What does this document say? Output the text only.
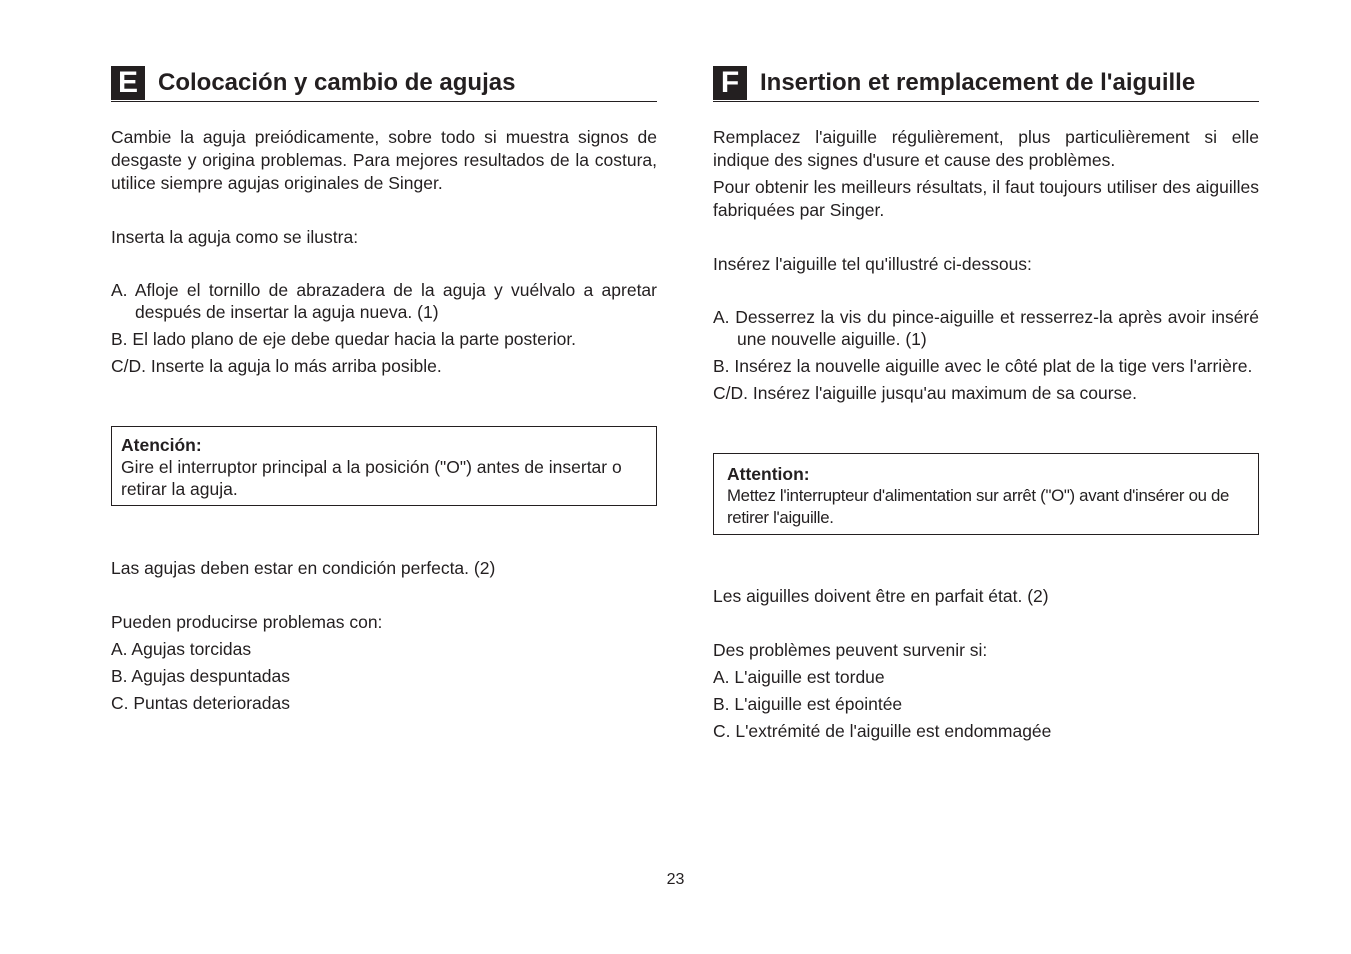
E Colocación y cambio de agujas

Cambie la aguja preiódicamente, sobre todo si muestra signos de desgaste y origina problemas. Para mejores resultados de la costura, utilice siempre agujas originales de Singer.

Inserta la aguja como se ilustra:

A. Afloje el tornillo de abrazadera de la aguja y vuélvalo a apretar después de insertar la aguja nueva. (1)

B. El lado plano de eje debe quedar hacia la parte posterior.

C/D. Inserte la aguja lo más arriba posible.

Atención:
Gire el interruptor principal a la posición ("O") antes de insertar o retirar la aguja.

Las agujas deben estar en condición perfecta. (2)

Pueden producirse problemas con:

A. Agujas torcidas

B. Agujas despuntadas

C. Puntas deterioradas

F Insertion et remplacement de l'aiguille

Remplacez l'aiguille régulièrement, plus particulièrement si elle indique des signes d'usure et cause des problèmes.

Pour obtenir les meilleurs résultats, il faut toujours utiliser des aiguilles fabriquées par Singer.

Insérez l'aiguille tel qu'illustré ci-dessous:

A. Desserrez la vis du pince-aiguille et resserrez-la après avoir inséré une nouvelle aiguille. (1)

B. Insérez la nouvelle aiguille avec le côté plat de la tige vers l'arrière.

C/D. Insérez l'aiguille jusqu'au maximum de sa course.

Attention:
Mettez l'interrupteur d'alimentation sur arrêt ("O") avant d'insérer ou de retirer l'aiguille.

Les aiguilles doivent être en parfait état. (2)

Des problèmes peuvent survenir si:

A. L'aiguille est tordue

B. L'aiguille est épointée

C. L'extrémité de l'aiguille est endommagée

23
